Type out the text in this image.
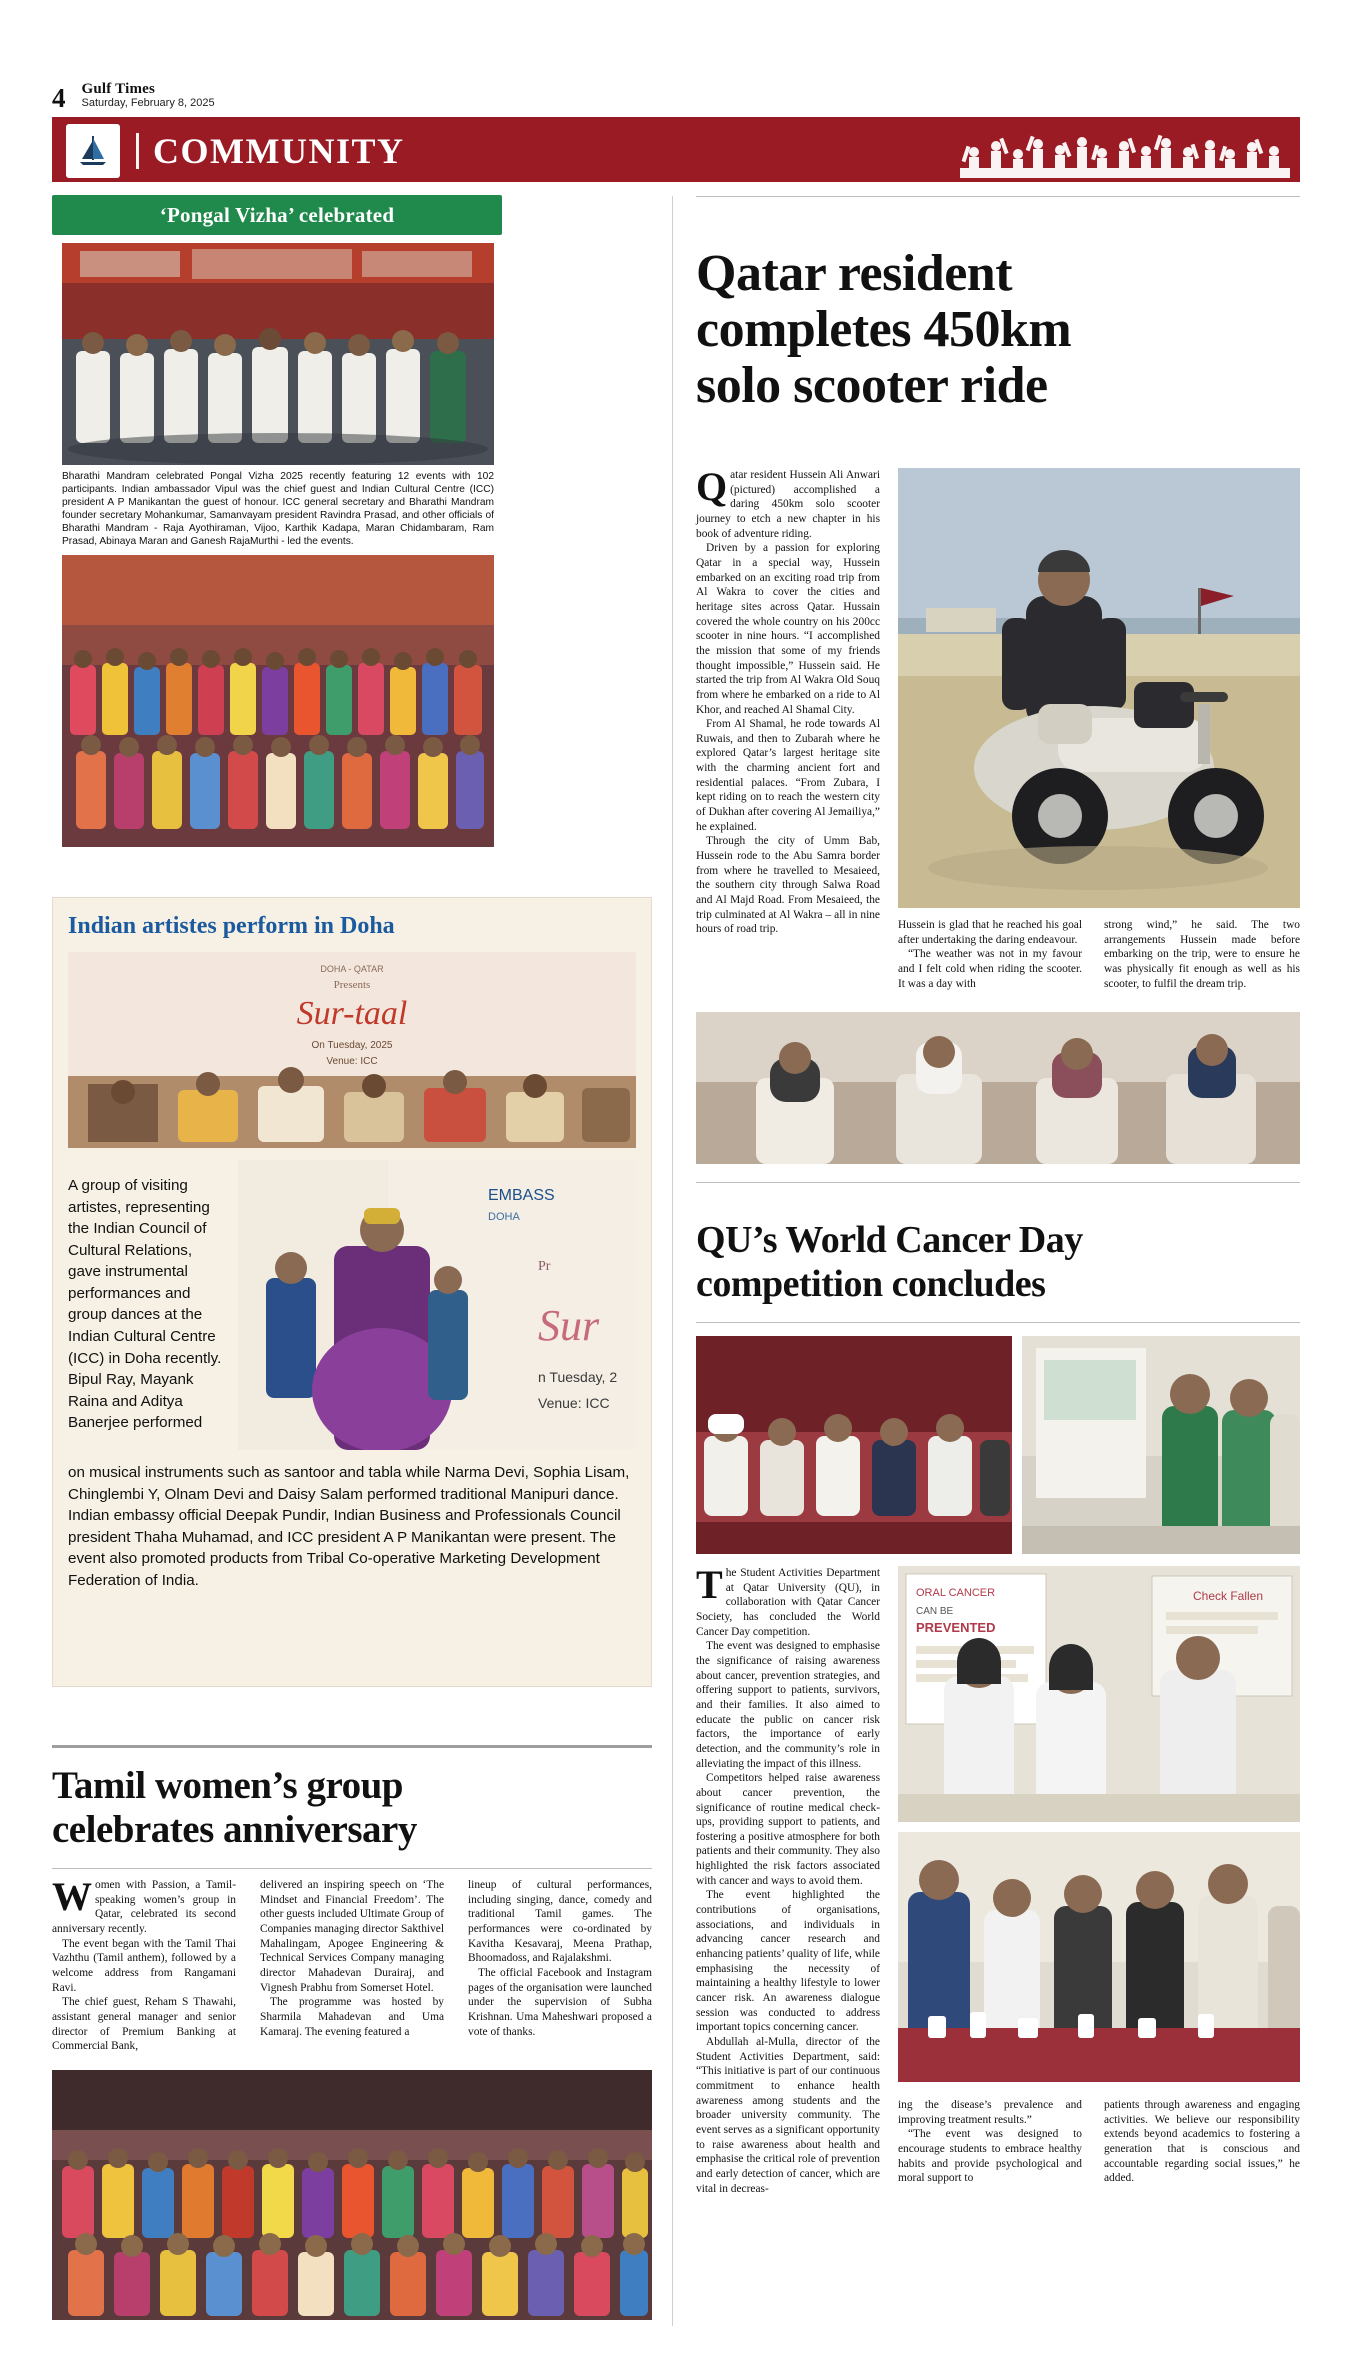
4	Gulf Times
Saturday, February 8, 2025
COMMUNITY
‘Pongal Vizha’ celebrated
Bharathi Mandram celebrated Pongal Vizha 2025 recently featuring 12 events with 102 participants. Indian ambassador Vipul was the chief guest and Indian Cultural Centre (ICC) president A P Manikantan the guest of honour. ICC general secretary and Bharathi Mandram founder secretary Mohankumar, Samanvayam president Ravindra Prasad, and other officials of Bharathi Mandram - Raja Ayothiraman, Vijoo, Karthik Kadapa, Maran Chidambaram, Ram Prasad, Abinaya Maran and Ganesh RajaMurthi - led the events.
Indian artistes perform in Doha
DOHA - QATAR
Presents
Sur-taal
On Tuesday, 2025
Venue: ICC
EMBASS
DOHA
Pr
Sur
n Tuesday, 2
Venue: ICC
A group of visiting artistes, representing the Indian Council of Cultural Relations, gave instrumental performances and group dances at the Indian Cultural Centre (ICC) in Doha recently. Bipul Ray, Mayank Raina and Aditya Banerjee performed
on musical instruments such as santoor and tabla while Narma Devi, Sophia Lisam, Chinglembi Y, Olnam Devi and Daisy Salam performed traditional Manipuri dance. Indian embassy official Deepak Pundir, Indian Business and Professionals Council president Thaha Muhamad, and ICC president A P Manikantan were present. The event also promoted products from Tribal Co-operative Marketing Development Federation of India.
Tamil women’s group
celebrates anniversary

Women with Passion, a Tamil-speaking women’s group in Qatar, celebrated its second anniversary recently.

The event began with the Tamil Thai Vazhthu (Tamil anthem), followed by a welcome address from Rangamani Ravi.

The chief guest, Reham S Thawahi, assistant general manager and senior director of Premium Banking at Commercial Bank,

delivered an inspiring speech on ‘The Mindset and Financial Freedom’. The other guests included Ultimate Group of Companies managing director Sakthivel Mahalingam, Apogee Engineering & Technical Services Company managing director Mahadevan Durairaj, and Vignesh Prabhu from Somerset Hotel.

The programme was hosted by Sharmila Mahadevan and Uma Kamaraj. The evening featured a

lineup of cultural performances, including singing, dance, comedy and traditional Tamil games. The performances were co-ordinated by Kavitha Kesavaraj, Meena Prathap, Bhoomadoss, and Rajalakshmi.

The official Facebook and Instagram pages of the organisation were launched under the supervision of Subha Krishnan. Uma Maheshwari proposed a vote of thanks.

Qatar resident
completes 450km
solo scooter ride

Qatar resident Hussein Ali Anwari (pictured) accomplished a daring 450km solo scooter journey to etch a new chapter in his book of adventure riding.

Driven by a passion for exploring Qatar in a special way, Hussein embarked on an exciting road trip from Al Wakra to cover the cities and heritage sites across Qatar. Hussain covered the whole country on his 200cc scooter in nine hours. “I accomplished the mission that some of my friends thought impossible,” Hussein said. He started the trip from Al Wakra Old Souq from where he embarked on a ride to Al Khor, and reached Al Shamal City.

From Al Shamal, he rode towards Al Ruwais, and then to Zubarah where he explored Qatar’s largest heritage site with the charming ancient fort and residential palaces. “From Zubara, I kept riding on to reach the western city of Dukhan after covering Al Jemailiya,” he explained.

Through the city of Umm Bab, Hussein rode to the Abu Samra border from where he travelled to Mesaieed, the southern city through Salwa Road and Al Majd Road. From Mesaieed, the trip culminated at Al Wakra – all in nine hours of road trip.	Hussein is glad that he reached his goal after undertaking the daring endeavour.

“The weather was not in my favour and I felt cold when riding the scooter. It was a day with

strong wind,” he said. The two arrangements Hussein made before embarking on the trip, were to ensure he was physically fit enough as well as his scooter, to fulfil the dream trip.

QU’s World Cancer Day
competition concludes

The Student Activities Department at Qatar University (QU), in collaboration with Qatar Cancer Society, has concluded the World Cancer Day competition.

The event was designed to emphasise the significance of raising awareness about cancer, prevention strategies, and offering support to patients, survivors, and their families. It also aimed to educate the public on cancer risk factors, the importance of early detection, and the community’s role in alleviating the impact of this illness.

Competitors helped raise awareness about cancer prevention, the significance of routine medical check-ups, providing support to patients, and fostering a positive atmosphere for both patients and their community. They also highlighted the risk factors associated with cancer and ways to avoid them.

The event highlighted the contributions of organisations, associations, and individuals in advancing cancer research and enhancing patients’ quality of life, while emphasising the necessity of maintaining a healthy lifestyle to lower cancer risk. An awareness dialogue session was conducted to address important topics concerning cancer.

Abdullah al-Mulla, director of the Student Activities Department, said: “This initiative is part of our continuous commitment to enhance health awareness among students and the broader university community. The event serves as a significant opportunity to raise awareness about health and emphasise the critical role of prevention and early detection of cancer, which are vital in decreas-

ORAL CANCER
CAN BE
PREVENTED
Check Fallen

ing the disease’s prevalence and improving treatment results.”

“The event was designed to encourage students to embrace healthy habits and provide psychological and moral support to

patients through awareness and engaging activities. We believe our responsibility extends beyond academics to fostering a generation that is conscious and accountable regarding social issues,” he added.
